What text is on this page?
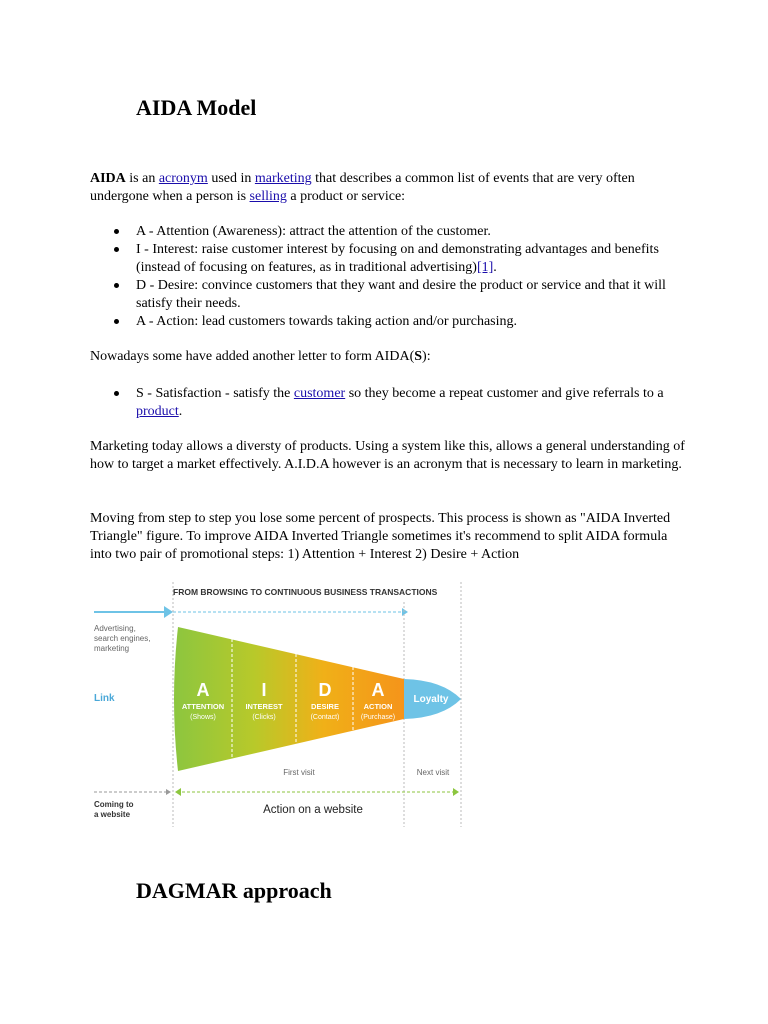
AIDA Model

AIDA is an acronym used in marketing that describes a common list of events that are very often undergone when a person is selling a product or service:

A - Attention (Awareness): attract the attention of the customer.
I - Interest: raise customer interest by focusing on and demonstrating advantages and benefits (instead of focusing on features, as in traditional advertising)[1].
D - Desire: convince customers that they want and desire the product or service and that it will satisfy their needs.
A - Action: lead customers towards taking action and/or purchasing.

Nowadays some have added another letter to form AIDA(S):

S - Satisfaction - satisfy the customer so they become a repeat customer and give referrals to a product.

Marketing today allows a diversty of products. Using a system like this, allows a general understanding of how to target a market effectively. A.I.D.A however is an acronym that is necessary to learn in marketing.

Moving from step to step you lose some percent of prospects. This process is shown as "AIDA Inverted Triangle" figure. To improve AIDA Inverted Triangle sometimes it's recommend to split AIDA formula into two pair of promotional steps: 1) Attention + Interest 2) Desire + Action

FROM BROWSING TO CONTINUOUS BUSINESS TRANSACTIONS
Advertising,
search engines,
marketing
Link	A	I	D A
ATTENTION	INTEREST	DESIRE	ACTION
(Shows)	(Clicks)	(Contact)	(Purchase)
Loyalty
First visit	Next visit
Coming to
a website	Action on a website
DAGMAR approach
